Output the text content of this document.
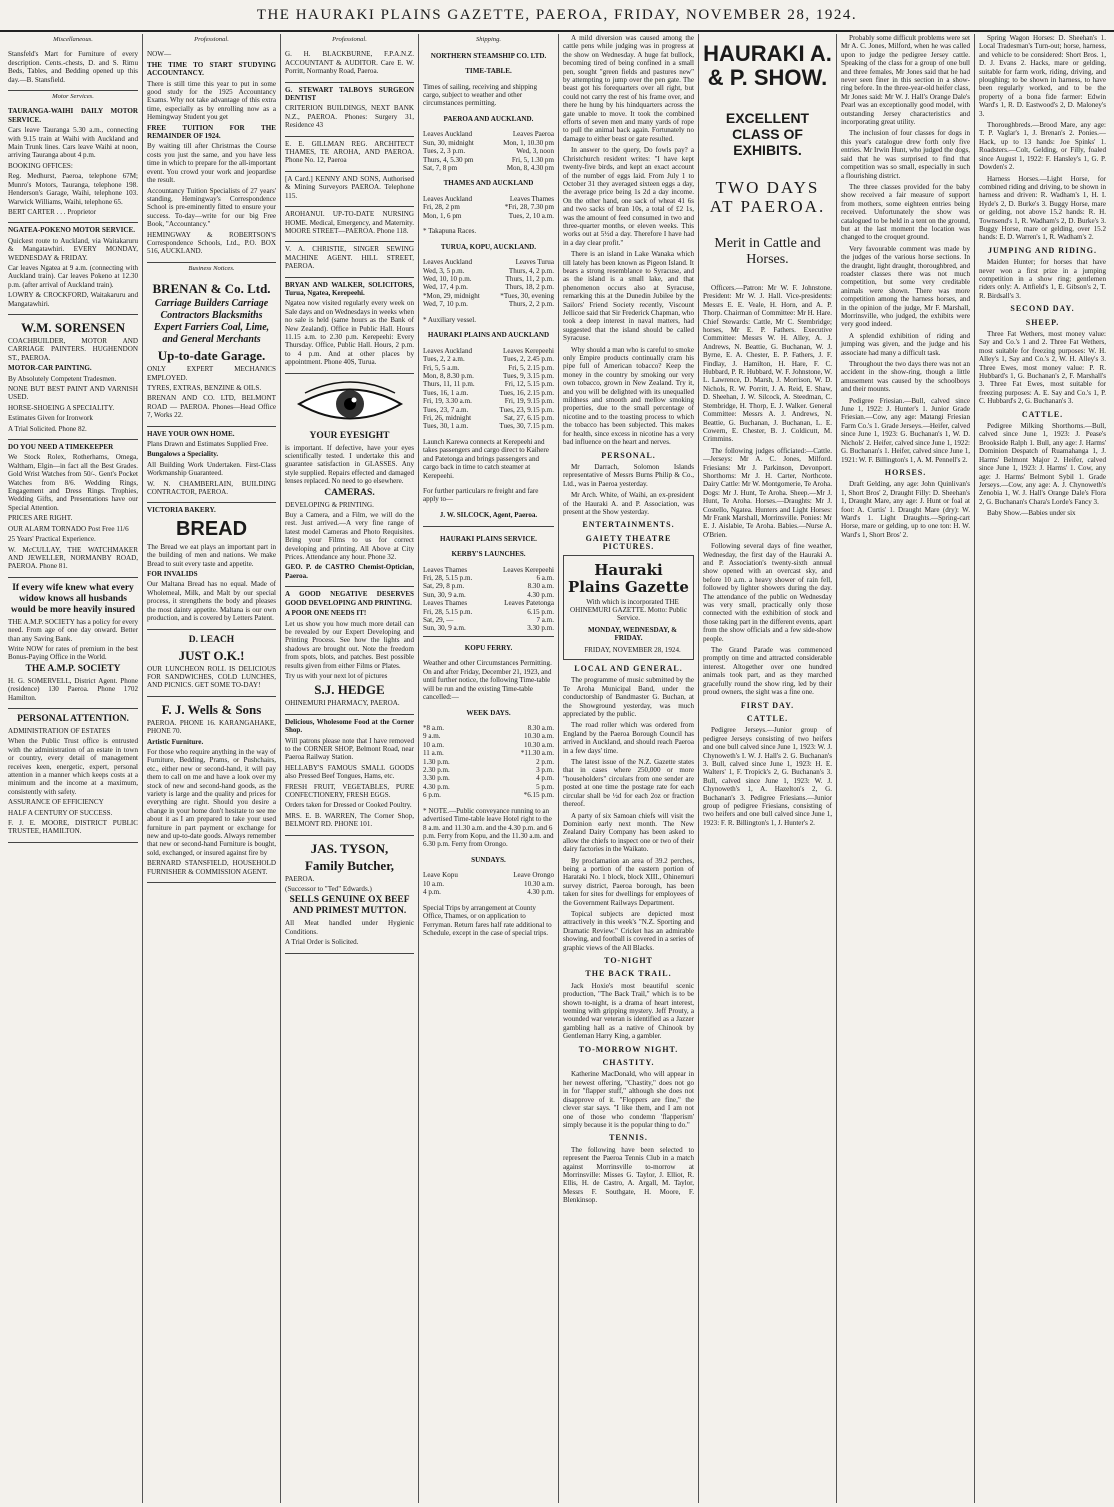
THE HAURAKI PLAINS GAZETTE, PAEROA, FRIDAY, NOVEMBER 28, 1924.
Miscellaneous.

Stansfeld's Mart for Furniture of every description. Cents.-chests, D. and S. Rimu Beds, Tables, and Bedding opened up this day.—B. Stansfield.

Motor Services.

TAURANGA-WAIHI DAILY MOTOR SERVICE.

Cars leave Tauranga 5.30 a.m., connecting with 9.15 train at Waihi with Auckland and Main Trunk lines. Cars leave Waihi at noon, arriving Tauranga about 4 p.m.

BOOKING OFFICES:

Reg. Medhurst, Paeroa, telephone 67M; Munro's Motors, Tauranga, telephone 198. Henderson's Garage, Waihi, telephone 103. Warwick Williams, Waihi, telephone 65.

BERT CARTER . . . Proprietor

NGATEA-POKENO MOTOR SERVICE.

Quickest route to Auckland, via Waitakaruru & Mangatawhiri. EVERY MONDAY, WEDNESDAY & FRIDAY.

Car leaves Ngatea at 9 a.m. (connecting with Auckland train). Car leaves Pokeno at 12.30 p.m. (after arrival of Auckland train).

LOWRY & CROCKFORD, Waitakaruru and Mangatawhiri.

W.M. SORENSEN

COACHBUILDER, MOTOR AND CARRIAGE PAINTERS. HUGHENDON ST., PAEROA.

MOTOR-CAR PAINTING.

By Absolutely Competent Tradesmen.

NONE BUT BEST PAINT AND VARNISH USED.

HORSE-SHOEING A SPECIALITY.

Estimates Given for Ironwork

A Trial Solicited. Phone 82.

DO YOU NEED A TIMEKEEPER

We Stock Rolex, Rotherhams, Omega, Waltham, Elgin—in fact all the Best Grades. Gold Wrist Watches from 50/-. Gent's Pocket Watches from 8/6. Wedding Rings, Engagement and Dress Rings. Trophies, Wedding Gifts, and Presentations have our Special Attention.

PRICES ARE RIGHT.

OUR ALARM TORNADO Post Free 11/6

25 Years' Practical Experience.

W. McCULLAY, THE WATCHMAKER AND JEWELLER, NORMANBY ROAD, PAEROA. Phone 81.

If every wife knew what every widow knows all husbands would be more heavily insured

THE A.M.P. SOCIETY has a policy for every need. From age of one day onward. Better than any Saving Bank.

Write NOW for rates of premium in the best Bonus-Paying Office in the World.

THE A.M.P. SOCIETY

H. G. SOMERVELL, District Agent. Phone (residence) 130 Paeroa. Phone 1702 Hamilton.

PERSONAL ATTENTION.

ADMINISTRATION OF ESTATES

When the Public Trust office is entrusted with the administration of an estate in town or country, every detail of management receives keen, energetic, expert, personal attention in a manner which keeps costs at a minimum and the income at a maximum, consistently with safety.

ASSURANCE OF EFFICIENCY

HALF A CENTURY OF SUCCESS.

F. J. E. MOORE, DISTRICT PUBLIC TRUSTEE, HAMILTON.

Professional.

NOW—

THE TIME TO START STUDYING ACCOUNTANCY.

There is still time this year to put in some good study for the 1925 Accountancy Exams. Why not take advantage of this extra time, especially as by enrolling now as a Hemingway Student you get

FREE TUITION FOR THE REMAINDER OF 1924.

By waiting till after Christmas the Course costs you just the same, and you have less time in which to prepare for the all-important event. You crowd your work and jeopardise the result.

Accountancy Tuition Specialists of 27 years' standing, Hemingway's Correspondence School is pre-eminently fitted to ensure your success. To-day—write for our big Free Book, "Accountancy."

HEMINGWAY & ROBERTSON'S Correspondence Schools, Ltd., P.O. BOX 516, AUCKLAND.

Business Notices.
BRENAN & Co. Ltd.
Carriage Builders Carriage Contractors Blacksmiths Expert Farriers Coal, Lime, and General Merchants
Up-to-date Garage.

ONLY EXPERT MECHANICS EMPLOYED.

TYRES, EXTRAS, BENZINE & OILS.

BRENAN AND CO. LTD, BELMONT ROAD — PAEROA. Phones—Head Office 7, Works 22.

HAVE YOUR OWN HOME.

Plans Drawn and Estimates Supplied Free.

Bungalows a Speciality.

All Building Work Undertaken. First-Class Workmanship Guaranteed.

W. N. CHAMBERLAIN, BUILDING CONTRACTOR, PAEROA.

VICTORIA BAKERY.

BREAD

The Bread we eat plays an important part in the building of men and nations. We make Bread to suit every taste and appetite.

FOR INVALIDS

Our Maltana Bread has no equal. Made of Wholemeal, Milk, and Malt by our special process, it strengthens the body and pleases the most dainty appetite. Maltana is our own production, and is covered by Letters Patent.

D. LEACH
JUST O.K.!

OUR LUNCHEON ROLL IS DELICIOUS FOR SANDWICHES, COLD LUNCHES, AND PICNICS. GET SOME TO-DAY!

F. J. Wells & Sons

PAEROA. PHONE 16. KARANGAHAKE, PHONE 70.

Artistic Furniture.

For those who require anything in the way of Furniture, Bedding, Prams, or Pushchairs, etc., either new or second-hand, it will pay them to call on me and have a look over my stock of new and second-hand goods, as the variety is large and the quality and prices for everything are right. Should you desire a change in your home don't hesitate to see me about it as I am prepared to take your used furniture in part payment or exchange for new and up-to-date goods. Always remember that new or second-hand Furniture is bought, sold, exchanged, or insured against fire by

BERNARD STANSFIELD, HOUSEHOLD FURNISHER & COMMISSION AGENT.

Professional.

G. H. BLACKBURNE, F.P.A.N.Z. ACCOUNTANT & AUDITOR. Care E. W. Porritt, Normanby Road, Paeroa.

G. STEWART TALBOYS SURGEON DENTIST

CRITERION BUILDINGS, NEXT BANK N.Z., PAEROA. Phones: Surgery 31, Residence 43

E. E. GILLMAN REG. ARCHITECT THAMES, TE AROHA, AND PAEROA. Phone No. 12, Paeroa

[A Card.] KENNY AND SONS, Authorised & Mining Surveyors PAEROA. Telephone 115.

AROHANUI. UP-TO-DATE NURSING HOME. Medical, Emergency, and Maternity. MOORE STREET—PAEROA. Phone 118.

V. A. CHRISTIE, SINGER SEWING MACHINE AGENT. HILL STREET, PAEROA.

BRYAN AND WALKER, SOLICITORS, Turua, Ngatea, Kerepeehi.

Ngatea now visited regularly every week on Sale days and on Wednesdays in weeks when no sale is held (same hours as the Bank of New Zealand). Office in Public Hall. Hours 11.15 a.m. to 2.30 p.m. Kerepeehi: Every Thursday. Office, Public Hall. Hours, 2 p.m. to 4 p.m. And at other places by appointment. Phone 40S, Turua.

YOUR EYESIGHT

is important. If defective, have your eyes scientifically tested. I undertake this and guarantee satisfaction in GLASSES. Any style supplied. Repairs effected and damaged lenses replaced. No need to go elsewhere.

CAMERAS.

DEVELOPING & PRINTING.

Buy a Camera, and a Film, we will do the rest. Just arrived.—A very fine range of latest model Cameras and Photo Requisites. Bring your Films to us for correct developing and printing. All Above at City Prices. Attendance any hour. Phone 32.

GEO. P. de CASTRO Chemist-Optician, Paeroa.

A GOOD NEGATIVE DESERVES GOOD DEVELOPING AND PRINTING.

A POOR ONE NEEDS IT!

Let us show you how much more detail can be revealed by our Expert Developing and Printing Process. See how the lights and shadows are brought out. Note the freedom from spots, blots, and patches. Best possible results given from either Films or Plates.

Try us with your next lot of pictures

S.J. HEDGE

OHINEMURI PHARMACY, PAEROA.

Delicious, Wholesome Food at the Corner Shop.

Will patrons please note that I have removed to the CORNER SHOP, Belmont Road, near Paeroa Railway Station.

HELLABY'S FAMOUS SMALL GOODS also Pressed Beef Tongues, Hams, etc.

FRESH FRUIT, VEGETABLES, PURE CONFECTIONERY, FRESH EGGS.

Orders taken for Dressed or Cooked Poultry.

MRS. E. B. WARREN, The Corner Shop, BELMONT RD. PHONE 101.

JAS. TYSON,
Family Butcher,

PAEROA.

(Successor to "Ted" Edwards.)

SELLS GENUINE OX BEEF AND PRIMEST MUTTON.

All Meat handled under Hygienic Conditions.

A Trial Order is Solicited.

Shipping.

NORTHERN STEAMSHIP CO. LTD.

TIME-TABLE.

Times of sailing, receiving and shipping cargo, subject to weather and other circumstances permitting.

PAEROA AND AUCKLAND.

Leaves Auckland	Leaves Paeroa
Sun, 30, midnight	Mon, 1, 10.30 pm
Tues, 2, 3 p.m.	Wed, 3, noon
Thurs, 4, 5.30 pm	Fri, 5, 1.30 pm
Sat, 7, 8 pm	Mon, 8, 4.30 pm

THAMES AND AUCKLAND

Leaves Auckland	Leaves Thames
Fri, 28, 2 pm	*Fri, 28, 7.30 pm
Mon, 1, 6 pm	Tues, 2, 10 a.m.

* Takapuna Races.

TURUA, KOPU, AUCKLAND.

Leaves Auckland	Leaves Turua
Wed, 3, 5 p.m.	Thurs, 4, 2 p.m.
Wed, 10, 10 p.m.	Thurs, 11, 2 p.m.
Wed, 17, 4 p.m.	Thurs, 18, 2 p.m.
*Mon, 29, midnight	*Tues, 30, evening
Wed, 7, 10 p.m.	Thurs, 2, 2 p.m.

* Auxiliary vessel.

HAURAKI PLAINS AND AUCKLAND

Leaves Auckland	Leaves Kerepeehi
Tues, 2, 2 a.m.	Tues, 2, 2.45 p.m.
Fri, 5, 5 a.m.	Fri, 5, 2.15 p.m.
Mon, 8, 8.30 p.m.	Tues, 9, 3.15 p.m.
Thurs, 11, 11 p.m.	Fri, 12, 5.15 p.m.
Tues, 16, 1 a.m.	Tues, 16, 2.15 p.m.
Fri, 19, 3.30 a.m.	Fri, 19, 9.15 p.m.
Tues, 23, 7 a.m.	Tues, 23, 9.15 p.m.
Fri, 26, midnight	Sat, 27, 6.15 p.m.
Tues, 30, 1 a.m.	Tues, 30, 7.15 p.m.

Launch Karewa connects at Kerepeehi and takes passengers and cargo direct to Kaihere and Patetonga and brings passengers and cargo back in time to catch steamer at Kerepeehi.

For further particulars re freight and fare apply to—

J. W. SILCOCK, Agent, Paeroa.

HAURAKI PLAINS SERVICE.

KERBY'S LAUNCHES.

Leaves Thames	Leaves Kerepeehi
Fri, 28, 5.15 p.m.	6 a.m.
Sat, 29, 8 p.m.	8.30 a.m.
Sun, 30, 9 a.m.	4.30 p.m.
Leaves Thames	Leaves Patetonga
Fri, 28, 5.15 p.m.	6.15 p.m.
Sat, 29, —	7 a.m.
Sun, 30, 9 a.m.	3.30 p.m.

KOPU FERRY.

Weather and other Circumstances Permitting. On and after Friday, December 21, 1923, and until further notice, the following Time-table will be run and the existing Time-table cancelled:—

WEEK DAYS.

*8 a.m.	8.30 a.m.
9 a.m.	10.30 a.m.
10 a.m.	10.30 a.m.
11 a.m.	*11.30 a.m.
1.30 p.m.	2 p.m.
2.30 p.m.	3 p.m.
3.30 p.m.	4 p.m.
4.30 p.m.	5 p.m.
6 p.m.	*6.15 p.m.

* NOTE.—Public conveyance running to an advertised Time-table leave Hotel right to the 8 a.m. and 11.30 a.m. and the 4.30 p.m. and 6 p.m. Ferry from Kopu, and the 11.30 a.m. and 6.30 p.m. Ferry from Orongo.

SUNDAYS.

Leave Kopu	Leave Orongo
10 a.m.	10.30 a.m.
4 p.m.	4.30 p.m.

Special Trips by arrangement at County Office, Thames, or on application to Ferryman. Return fares half rate additional to Schedule, except in the case of special trips.

A mild diversion was caused among the cattle pens while judging was in progress at the show on Wednesday. A huge fat bullock, becoming tired of being confined in a small pen, sought "green fields and pastures new" by attempting to jump over the pen gate. The beast got his forequarters over all right, but could not carry the rest of his frame over, and there he hung by his hindquarters across the gate unable to move. It took the combined efforts of seven men and many yards of rope to pull the animal back again. Fortunately no damage to either beast or gate resulted.

In answer to the query, Do fowls pay? a Christchurch resident writes: "I have kept twenty-five birds, and kept an exact account of the number of eggs laid. From July 1 to October 31 they averaged sixteen eggs a day, the average price being 1s 2d a day income. On the other hand, one sack of wheat 41 6s and two sacks of bran 10s, a total of £2 1s, was the amount of feed consumed in two and three-quarter months, or eleven weeks. This works out at 5½d a day. Therefore I have had in a day clear profit."

There is an island in Lake Wanaka which till lately has been known as Pigeon Island. It bears a strong resemblance to Syracuse, and as the island is a small lake, and that phenomenon occurs also at Syracuse, remarking this at the Dunedin Jubilee by the Sailors' Friend Society recently, Viscount Jellicoe said that Sir Frederick Chapman, who took a deep interest in naval matters, had suggested that the island should be called Syracuse.

Why should a man who is careful to smoke only Empire products continually cram his pipe full of American tobacco? Keep the money in the country by smoking our very own tobacco, grown in New Zealand. Try it, and you will be delighted with its unequalled mildness and smooth and mellow smoking properties, due to the small percentage of nicotine and to the toasting process to which the tobacco has been subjected. This makes for health, since excess in nicotine has a very bad influence on the heart and nerves.

PERSONAL.

Mr Darrach, Solomon Islands representative of Messrs Burns Philip & Co., Ltd., was in Paeroa yesterday.

Mr Arch. White, of Waihi, an ex-president of the Hauraki A. and P. Association, was present at the Show yesterday.

ENTERTAINMENTS.
GAIETY THEATRE PICTURES.
Hauraki Plains Gazette

With which is incorporated THE OHINEMURI GAZETTE. Motto: Public Service.

MONDAY, WEDNESDAY, & FRIDAY.

FRIDAY, NOVEMBER 28, 1924.

LOCAL AND GENERAL.

The programme of music submitted by the Te Aroha Municipal Band, under the conductorship of Bandmaster G. Buchan, at the Showground yesterday, was much appreciated by the public.

The road roller which was ordered from England by the Paeroa Borough Council has arrived in Auckland, and should reach Paeroa in a few days' time.

The latest issue of the N.Z. Gazette states that in cases where 250,000 or more "householders" circulars from one sender are posted at one time the postage rate for each circular shall be ½d for each 2oz or fraction thereof.

A party of six Samoan chiefs will visit the Dominion early next month. The New Zealand Dairy Company has been asked to allow the chiefs to inspect one or two of their dairy factories in the Waikato.

By proclamation an area of 39.2 perches, being a portion of the eastern portion of Harataki No. 1 block, block XIII., Ohinemuri survey district, Paeroa borough, has been taken for sites for dwellings for employees of the Government Railways Department.

Topical subjects are depicted most attractively in this week's "N.Z. Sporting and Dramatic Review." Cricket has an admirable showing, and football is covered in a series of graphic views of the All Blacks.

TO-NIGHT
THE BACK TRAIL.

Jack Hoxie's most beautiful scenic production, "The Back Trail," which is to be shown to-night, is a drama of heart interest, teeming with gripping mystery. Jeff Prouty, a wounded war veteran is identified as a Jazzer gambling hall as a native of Chinook by Gentleman Harry King, a gambler.

TO-MORROW NIGHT.
CHASTITY.

Katherine MacDonald, who will appear in her newest offering, "Chastity," does not go in for "flapper stuff," although she does not disapprove of it. "Floppers are fine," the clever star says. "I like them, and I am not one of those who condemn 'flapperism' simply because it is the popular thing to do."

TENNIS.

The following have been selected to represent the Paeroa Tennis Club in a match against Morrinsville to-morrow at Morrinsville: Misses G. Taylor, J. Elliot, R. Ellis, H. de Castro, A. Argall, M. Taylor, Messrs F. Southgate, H. Moore, F. Blenkinsop.

HAURAKI A. & P. SHOW.
EXCELLENT CLASS OF EXHIBITS.
TWO DAYS AT PAEROA.
Merit in Cattle and Horses.

Officers.—Patron: Mr W. F. Johnstone. President: Mr W. J. Hall. Vice-presidents: Messrs E. E. Veale, H. Horn, and A. P. Thorp. Chairman of Committee: Mr H. Hare. Chief Stewards: Cattle, Mr C. Stembridge; horses, Mr E. P. Fathers. Executive Committee: Messrs W. H. Alley, A. J. Andrews, N. Beattie, G. Buchanan, W. J. Byrne, E. A. Chester, E. P. Fathers, J. F. Findlay, J. Hamilton, H. Hare, F. C. Hubbard, P. R. Hubbard, W. F. Johnstone, W. L. Lawrence, D. Marsh, J. Morrison, W. D. Nichols, R. W. Porritt, J. A. Reid, E. Shaw, D. Sheehan, J. W. Silcock, A. Steedman, C. Stembridge, H. Thorp, E. J. Walker. General Committee: Messrs A. J. Andrews, N. Beattie, G. Buchanan, J. Buchanan, L. E. Cowern, E. Chester, B. J. Coldicutt, M. Crimmins.

The following judges officiated:—Cattle.—Jerseys: Mr A. C. Jones, Milford. Friesians: Mr J. Parkinson, Devonport. Shorthorns: Mr J. H. Carter, Northcote. Dairy Cattle: Mr W. Montgomerie, Te Aroha. Dogs: Mr J. Hunt, Te Aroha. Sheep.—Mr J. Hunt, Te Aroha. Horses.—Draughts: Mr J. Costello, Ngatea. Hunters and Light Horses: Mr Frank Marshall, Morrinsville. Ponies: Mr E. J. Aislabie, Te Aroha. Babies.—Nurse A. O'Brien.

Following several days of fine weather, Wednesday, the first day of the Hauraki A. and P. Association's twenty-sixth annual show opened with an overcast sky, and before 10 a.m. a heavy shower of rain fell, followed by lighter showers during the day. The attendance of the public on Wednesday was very small, practically only those connected with the exhibition of stock and those taking part in the different events, apart from the show officials and a few side-show people.

The Grand Parade was commenced promptly on time and attracted considerable interest. Altogether over one hundred animals took part, and as they marched gracefully round the show ring, led by their proud owners, the sight was a fine one.

FIRST DAY.
CATTLE.

Pedigree Jerseys.—Junior group of pedigree Jerseys consisting of two heifers and one bull calved since June 1, 1923: W. J. Chynoweth's I. W. J. Hall's 2. G. Buchanan's 3. Bull, calved since June 1, 1923: H. E. Walters' 1, F. Tropick's 2, G. Buchanan's 3. Bull, calved since June 1, 1923: W. J. Chynoweth's 1, A. Hazelton's 2, G. Buchanan's 3. Pedigree Friesians.—Junior group of pedigree Friesians, consisting of two heifers and one bull calved since June 1, 1923: F. R. Billington's 1, J. Hunter's 2.

Probably some difficult problems were set Mr A. C. Jones, Milford, when he was called upon to judge the pedigree Jersey cattle. Speaking of the class for a group of one bull and three females, Mr Jones said that he had never seen finer in this section in a show-ring before. In the three-year-old heifer class, Mr Jones said: Mr W. J. Hall's Orange Dale's Pearl was an exceptionally good model, with outstanding Jersey characteristics and incorporating great utility.

The inclusion of four classes for dogs in this year's catalogue drew forth only five entries. Mr Irwin Hunt, who judged the dogs, said that he was surprised to find that competition was so small, especially in such a flourishing district.

The three classes provided for the baby show received a fair measure of support from mothers, some eighteen entries being received. Unfortunately the show was catalogued to be held in a tent on the ground, but at the last moment the location was changed to the croquet ground.

Very favourable comment was made by the judges of the various horse sections. In the draught, light draught, thoroughbred, and roadster classes there was not much competition, but some very creditable animals were shown. There was more competition among the harness horses, and in the opinion of the judge, Mr F. Marshall, Morrinsville, who judged, the exhibits were very good indeed.

A splendid exhibition of riding and jumping was given, and the judge and his associate had many a difficult task.

Throughout the two days there was not an accident in the show-ring, though a little amusement was caused by the schoolboys and their mounts.

Pedigree Friesian.—Bull, calved since June 1, 1922: J. Hunter's 1. Junior Grade Friesian.—Cow, any age: Matangi Friesian Farm Co.'s 1. Grade Jerseys.—Heifer, calved since June 1, 1923: G. Buchanan's 1, W. D. Nichols' 2. Heifer, calved since June 1, 1922: G. Buchanan's 1. Heifer, calved since June 1, 1921: W. F. Billington's 1, A. M. Pennell's 2.

HORSES.

Draft Gelding, any age: John Quinlivan's 1, Short Bros' 2, Draught Filly: D. Sheehan's 1, Draught Mare, any age: J. Hunt or foal at foot: A. Curtis' 1. Draught Mare (dry): W. Ward's 1. Light Draughts.—Spring-cart Horse, mare or gelding, up to one ton: H. W. Ward's 1, Short Bros' 2.

Spring Wagon Horses: D. Sheehan's 1. Local Tradesman's Turn-out; horse, harness, and vehicle to be considered: Short Bros. 1, D. J. Evans 2. Hacks, mare or gelding, suitable for farm work, riding, driving, and ploughing; to be shown in harness, to have been regularly worked, and to be the property of a bona fide farmer: Edwin Ward's 1, R. D. Eastwood's 2, D. Maloney's 3.

Thoroughbreds.—Brood Mare, any age: T. P. Vaglar's 1, J. Brenan's 2. Ponies.—Hack, up to 13 hands: Joe Spinks' 1. Roadsters.—Colt, Gelding, or Filly, foaled since August 1, 1922: F. Hansley's 1, G. P. Dowden's 2.

Harness Horses.—Light Horse, for combined riding and driving, to be shown in harness and driven: R. Wadham's 1, H. I. Hyde's 2, D. Burke's 3. Buggy Horse, mare or gelding, not above 15.2 hands: R. H. Townsend's 1, R. Wadham's 2, D. Burke's 3. Buggy Horse, mare or gelding, over 15.2 hands: E. D. Warren's 1, R. Wadham's 2.

JUMPING AND RIDING.

Maiden Hunter; for horses that have never won a first prize in a jumping competition in a show ring; gentlemen riders only: A. Attfield's 1, E. Gibson's 2, T. R. Birdsall's 3.

SECOND DAY.
SHEEP.

Three Fat Wethers, most money value: Say and Co.'s 1 and 2. Three Fat Wethers, most suitable for freezing purposes: W. H. Alley's 1, Say and Co.'s 2, W. H. Alley's 3. Three Ewes, most money value: P. R. Hubbard's 1, G. Buchanan's 2, F. Marshall's 3. Three Fat Ewes, most suitable for freezing purposes: A. E. Say and Co.'s 1, P. C. Hubbard's 2, G. Buchanan's 3.

CATTLE.

Pedigree Milking Shorthorns.—Bull, calved since June 1, 1923: J. Pease's Brookside Ralph 1. Bull, any age: J. Harms' Dominion Despatch of Ruamahanga 1, J. Harms' Belmont Major 2. Heifer, calved since June 1, 1923: J. Harms' 1. Cow, any age: J. Harms' Belmont Sybil 1. Grade Jerseys.—Cow, any age: A. J. Chynoweth's Zenobia 1, W. J. Hall's Orange Dale's Flora 2, G. Buchanan's Chara's Lorde's Fancy 3.

Baby Show.—Babies under six
